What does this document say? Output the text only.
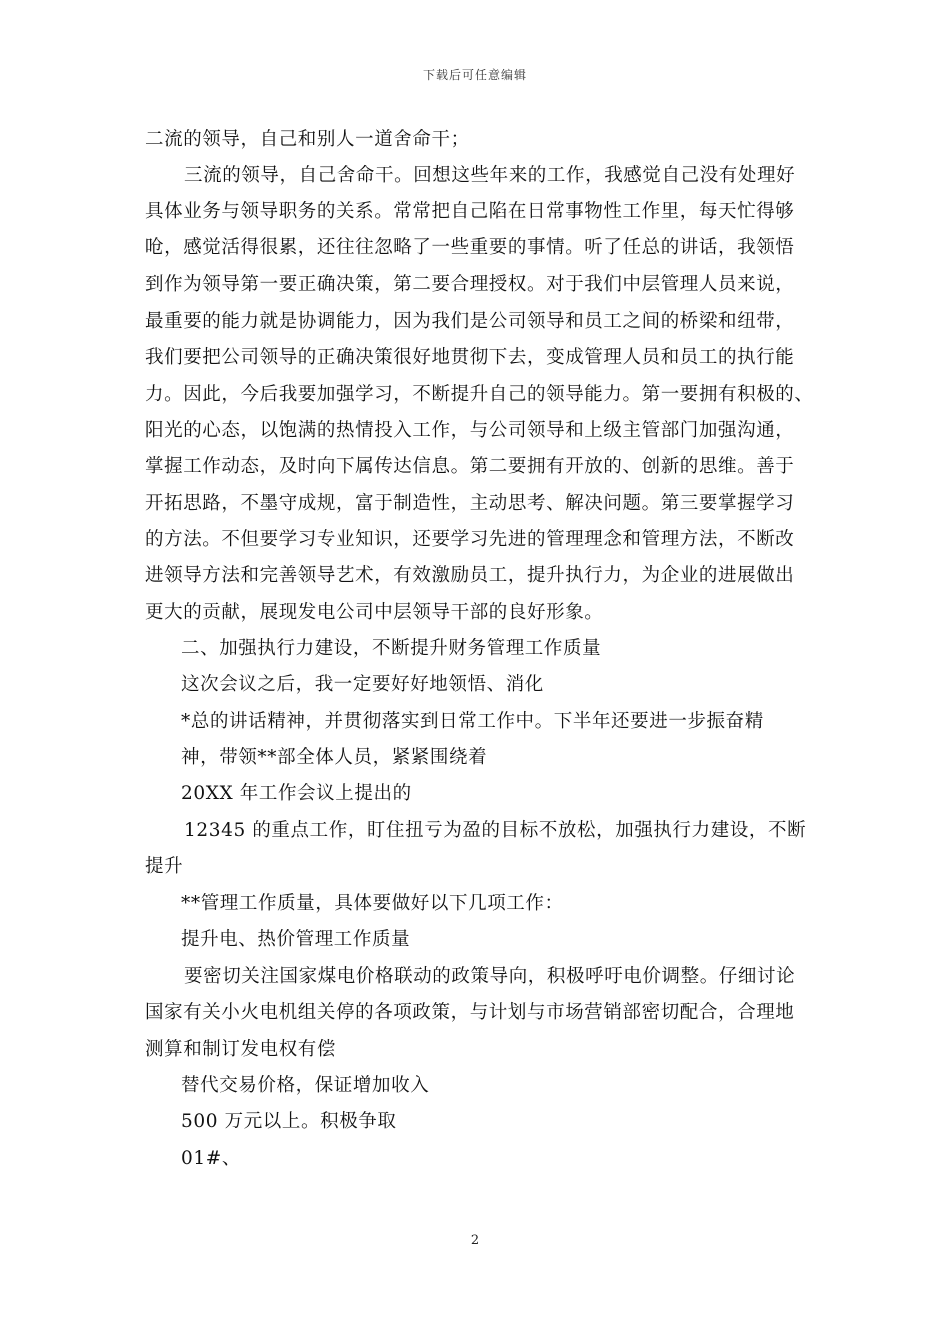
下载后可任意编辑
二流的领导，自己和别人一道舍命干；
三流的领导，自己舍命干。回想这些年来的工作，我感觉自己没有处理好
具体业务与领导职务的关系。常常把自己陷在日常事物性工作里，每天忙得够
呛，感觉活得很累，还往往忽略了一些重要的事情。听了任总的讲话，我领悟
到作为领导第一要正确决策，第二要合理授权。对于我们中层管理人员来说，
最重要的能力就是协调能力，因为我们是公司领导和员工之间的桥梁和纽带，
我们要把公司领导的正确决策很好地贯彻下去，变成管理人员和员工的执行能
力。因此，今后我要加强学习，不断提升自己的领导能力。第一要拥有积极的、
阳光的心态，以饱满的热情投入工作，与公司领导和上级主管部门加强沟通，
掌握工作动态，及时向下属传达信息。第二要拥有开放的、创新的思维。善于
开拓思路，不墨守成规，富于制造性，主动思考、解决问题。第三要掌握学习
的方法。不但要学习专业知识，还要学习先进的管理理念和管理方法，不断改
进领导方法和完善领导艺术，有效激励员工，提升执行力，为企业的进展做出
更大的贡献，展现发电公司中层领导干部的良好形象。
二、加强执行力建设，不断提升财务管理工作质量
这次会议之后，我一定要好好地领悟、消化
*总的讲话精神，并贯彻落实到日常工作中。下半年还要进一步振奋精
神，带领**部全体人员，紧紧围绕着
20XX 年工作会议上提出的
12345 的重点工作，盯住扭亏为盈的目标不放松，加强执行力建设，不断
提升
**管理工作质量，具体要做好以下几项工作：
提升电、热价管理工作质量
要密切关注国家煤电价格联动的政策导向，积极呼吁电价调整。仔细讨论
国家有关小火电机组关停的各项政策，与计划与市场营销部密切配合，合理地
测算和制订发电权有偿
替代交易价格，保证增加收入
500 万元以上。积极争取
01#、
2
